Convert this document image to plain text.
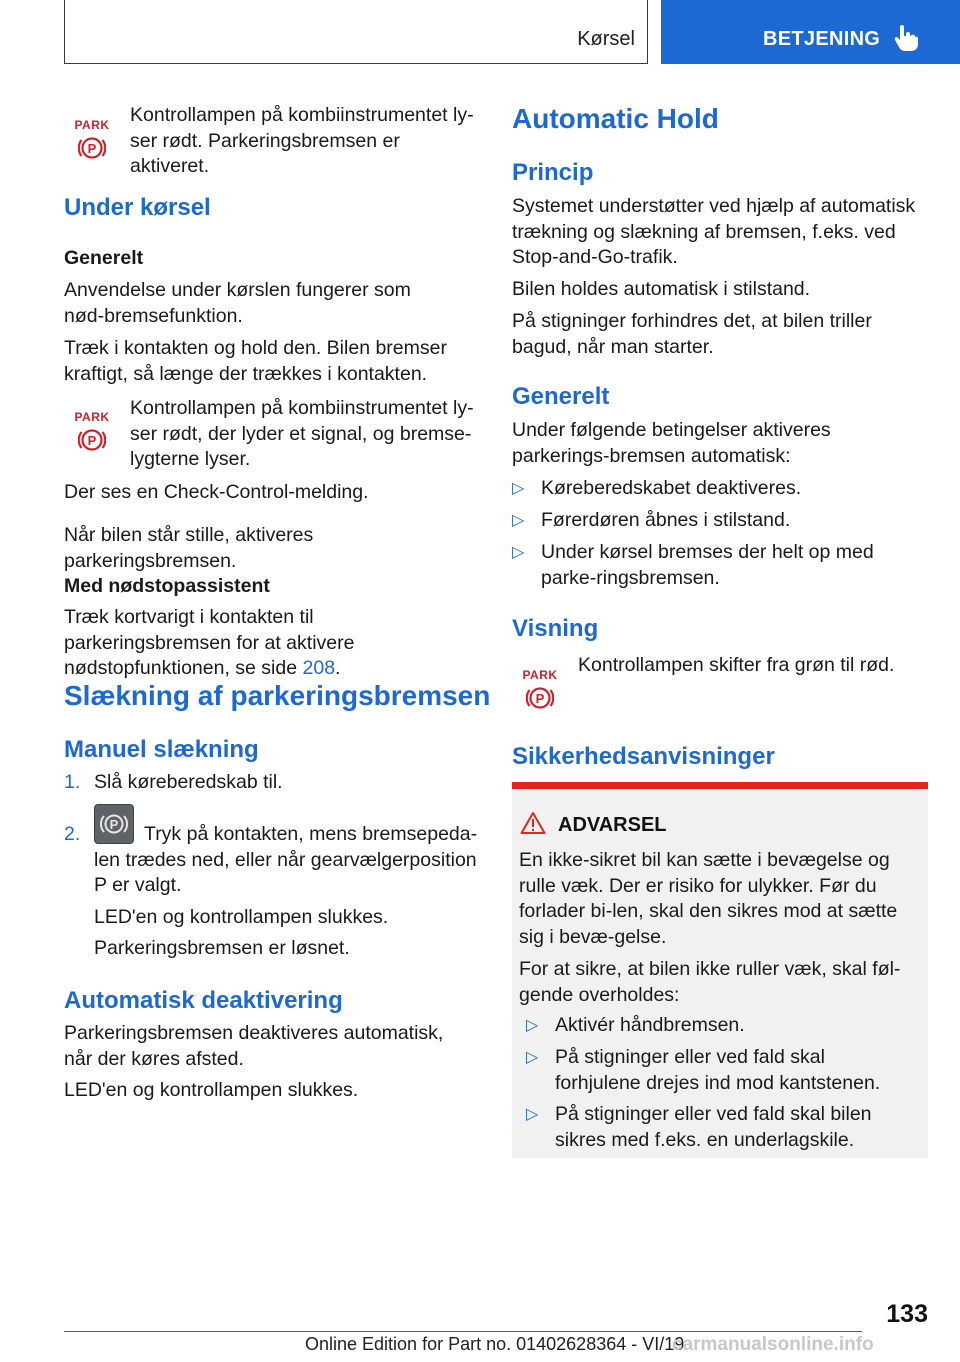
Kørsel	BETJENING
PARK
P

Kontrollampen på kombiinstrumentet ly-ser rødt. Parkeringsbremsen er aktiveret.

Under kørsel
Generelt

Anvendelse under kørslen fungerer som nød-bremsefunktion.

Træk i kontakten og hold den. Bilen bremser kraftigt, så længe der trækkes i kontakten.

PARK
P

Kontrollampen på kombiinstrumentet ly-ser rødt, der lyder et signal, og bremse-lygterne lyser.

Der ses en Check-Control-melding.

Når bilen står stille, aktiveres parkeringsbremsen.

Med nødstopassistent

Træk kortvarigt i kontakten til parkeringsbremsen for at aktivere nødstopfunktionen, se side 208.

Slækning af parkeringsbremsen
Manuel slækning
1. Slå køreberedskab til.

2. P	Tryk på kontakten, mens bremsepeda-len trædes ned, eller når gearvælgerposition P er valgt.

LED'en og kontrollampen slukkes.

Parkeringsbremsen er løsnet.

Automatisk deaktivering

Parkeringsbremsen deaktiveres automatisk, når der køres afsted.

LED'en og kontrollampen slukkes.

Automatic Hold
Princip

Systemet understøtter ved hjælp af automatisk trækning og slækning af bremsen, f.eks. ved Stop-and-Go-trafik.

Bilen holdes automatisk i stilstand.

På stigninger forhindres det, at bilen triller bagud, når man starter.

Generelt

Under følgende betingelser aktiveres parkerings-bremsen automatisk:

▷ Køreberedskabet deaktiveres.

▷ Førerdøren åbnes i stilstand.

▷ Under kørsel bremses der helt op med parke-ringsbremsen.

Visning
PARK
P

Kontrollampen skifter fra grøn til rød.

Sikkerhedsanvisninger
ADVARSEL

En ikke-sikret bil kan sætte i bevægelse og rulle væk. Der er risiko for ulykker. Før du forlader bi-len, skal den sikres mod at sætte sig i bevæ-gelse.

For at sikre, at bilen ikke ruller væk, skal føl-gende overholdes:

▷ Aktivér håndbremsen.

▷ På stigninger eller ved fald skal forhjulene drejes ind mod kantstenen.

▷ På stigninger eller ved fald skal bilen sikres med f.eks. en underlagskile.

133
Online Edition for Part no. 01402628364 - VI/19
carmanualsonline.info
